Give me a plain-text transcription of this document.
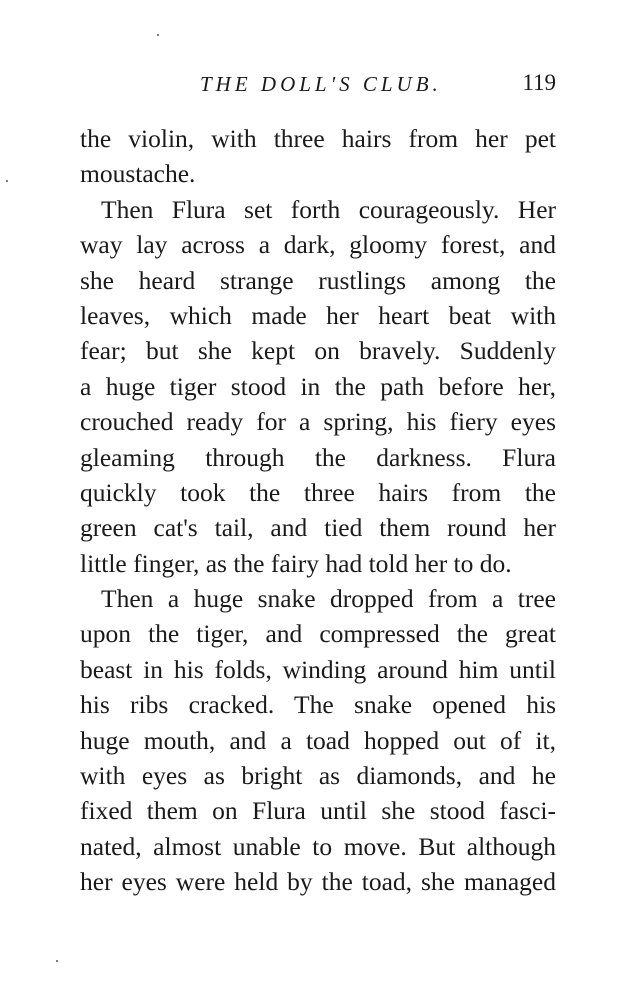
THE DOLL'S CLUB.	119
the violin, with three hairs from her pet
moustache.
Then Flura set forth courageously. Her
way lay across a dark, gloomy forest, and
she heard strange rustlings among the
leaves, which made her heart beat with
fear; but she kept on bravely. Suddenly
a huge tiger stood in the path before her,
crouched ready for a spring, his fiery eyes
gleaming through the darkness. Flura
quickly took the three hairs from the
green cat's tail, and tied them round her
little finger, as the fairy had told her to do.
Then a huge snake dropped from a tree
upon the tiger, and compressed the great
beast in his folds, winding around him until
his ribs cracked. The snake opened his
huge mouth, and a toad hopped out of it,
with eyes as bright as diamonds, and he
fixed them on Flura until she stood fasci-
nated, almost unable to move. But although
her eyes were held by the toad, she managed
